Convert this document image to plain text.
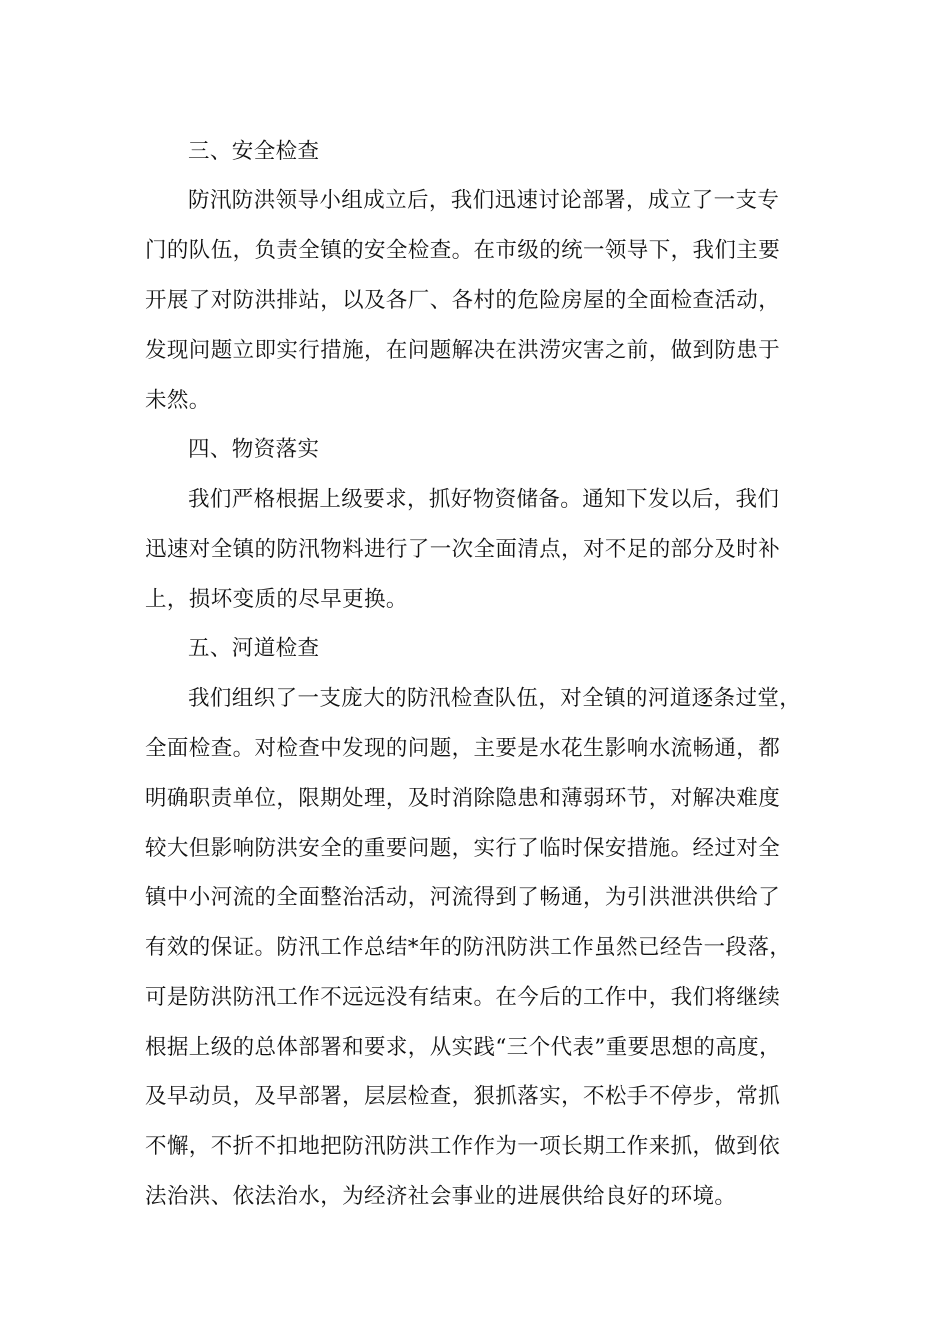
三、安全检查
防汛防洪领导小组成立后，我们迅速讨论部署，成立了一支专
门的队伍，负责全镇的安全检查。在市级的统一领导下，我们主要
开展了对防洪排站，以及各厂、各村的危险房屋的全面检查活动，
发现问题立即实行措施，在问题解决在洪涝灾害之前，做到防患于
未然。
四、物资落实
我们严格根据上级要求，抓好物资储备。通知下发以后，我们
迅速对全镇的防汛物料进行了一次全面清点，对不足的部分及时补
上，损坏变质的尽早更换。
五、河道检查
我们组织了一支庞大的防汛检查队伍，对全镇的河道逐条过堂，
全面检查。对检查中发现的问题，主要是水花生影响水流畅通，都
明确职责单位，限期处理，及时消除隐患和薄弱环节，对解决难度
较大但影响防洪安全的重要问题，实行了临时保安措施。经过对全
镇中小河流的全面整治活动，河流得到了畅通，为引洪泄洪供给了
有效的保证。防汛工作总结*年的防汛防洪工作虽然已经告一段落，
可是防洪防汛工作不远远没有结束。在今后的工作中，我们将继续
根据上级的总体部署和要求，从实践“三个代表”重要思想的高度，
及早动员，及早部署，层层检查，狠抓落实，不松手不停步，常抓
不懈，不折不扣地把防汛防洪工作作为一项长期工作来抓，做到依
法治洪、依法治水，为经济社会事业的进展供给良好的环境。
